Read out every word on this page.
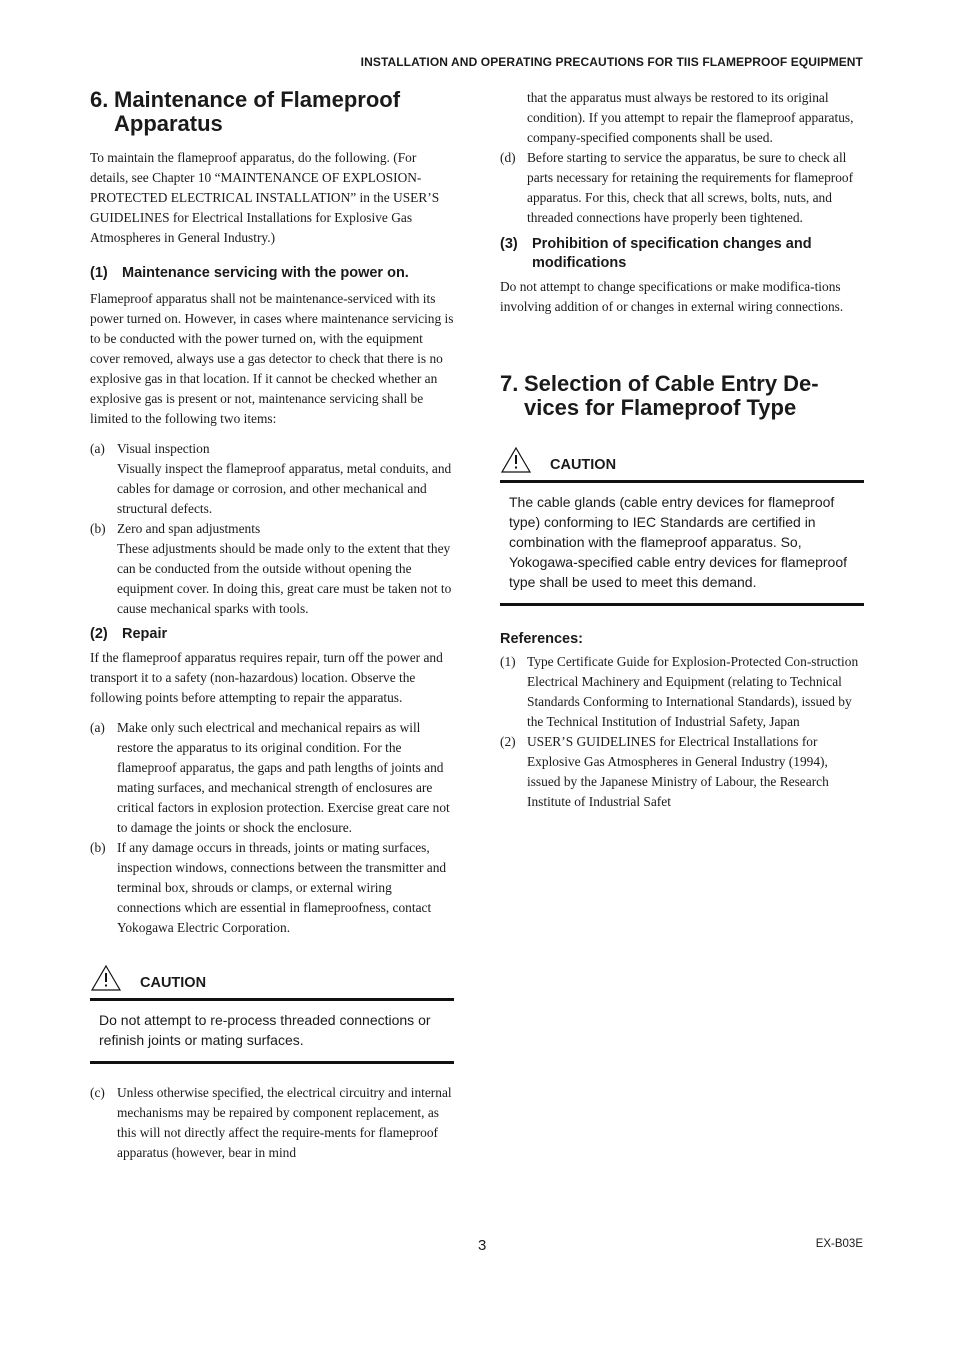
INSTALLATION AND OPERATING PRECAUTIONS FOR TIIS FLAMEPROOF EQUIPMENT
6. Maintenance of Flameproof Apparatus

To maintain the flameproof apparatus, do the following. (For details, see Chapter 10 “MAINTENANCE OF EXPLOSION-PROTECTED ELECTRICAL INSTALLATION” in the USER’S GUIDELINES for Electrical Installations for Explosive Gas Atmospheres in General Industry.)

(1) Maintenance servicing with the power on.

Flameproof apparatus shall not be maintenance-serviced with its power turned on. However, in cases where maintenance servicing is to be conducted with the power turned on, with the equipment cover removed, always use a gas detector to check that there is no explosive gas in that location. If it cannot be checked whether an explosive gas is present or not, maintenance servicing shall be limited to the following two items:

(a) Visual inspection
Visually inspect the flameproof apparatus, metal conduits, and cables for damage or corrosion, and other mechanical and structural defects.
(b) Zero and span adjustments
These adjustments should be made only to the extent that they can be conducted from the outside without opening the equipment cover. In doing this, great care must be taken not to cause mechanical sparks with tools.
(2) Repair

If the flameproof apparatus requires repair, turn off the power and transport it to a safety (non-hazardous) location. Observe the following points before attempting to repair the apparatus.

(a) Make only such electrical and mechanical repairs as will restore the apparatus to its original condition. For the flameproof apparatus, the gaps and path lengths of joints and mating surfaces, and mechanical strength of enclosures are critical factors in explosion protection. Exercise great care not to damage the joints or shock the enclosure.
(b) If any damage occurs in threads, joints or mating surfaces, inspection windows, connections between the transmitter and terminal box, shrouds or clamps, or external wiring connections which are essential in flameproofness, contact Yokogawa Electric Corporation.
CAUTION

Do not attempt to re-process threaded connections or refinish joints or mating surfaces.

(c) Unless otherwise specified, the electrical circuitry and internal mechanisms may be repaired by component replacement, as this will not directly affect the require-ments for flameproof apparatus (however, bear in mind
that the apparatus must always be restored to its original condition). If you attempt to repair the flameproof apparatus, company-specified components shall be used.
(d) Before starting to service the apparatus, be sure to check all parts necessary for retaining the requirements for flameproof apparatus. For this, check that all screws, bolts, nuts, and threaded connections have properly been tightened.
(3) Prohibition of specification changes and modifications

Do not attempt to change specifications or make modifica-tions involving addition of or changes in external wiring connections.

7. Selection of Cable Entry De-vices for Flameproof Type
CAUTION

The cable glands (cable entry devices for flameproof type) conforming to IEC Standards are certified in combination with the flameproof apparatus. So, Yokogawa-specified cable entry devices for flameproof type shall be used to meet this demand.

References:
(1) Type Certificate Guide for Explosion-Protected Con-struction Electrical Machinery and Equipment (relating to Technical Standards Conforming to International Standards), issued by the Technical Institution of Industrial Safety, Japan
(2) USER’S GUIDELINES for Electrical Installations for Explosive Gas Atmospheres in General Industry (1994), issued by the Japanese Ministry of Labour, the Research Institute of Industrial Safet
3	EX-B03E
